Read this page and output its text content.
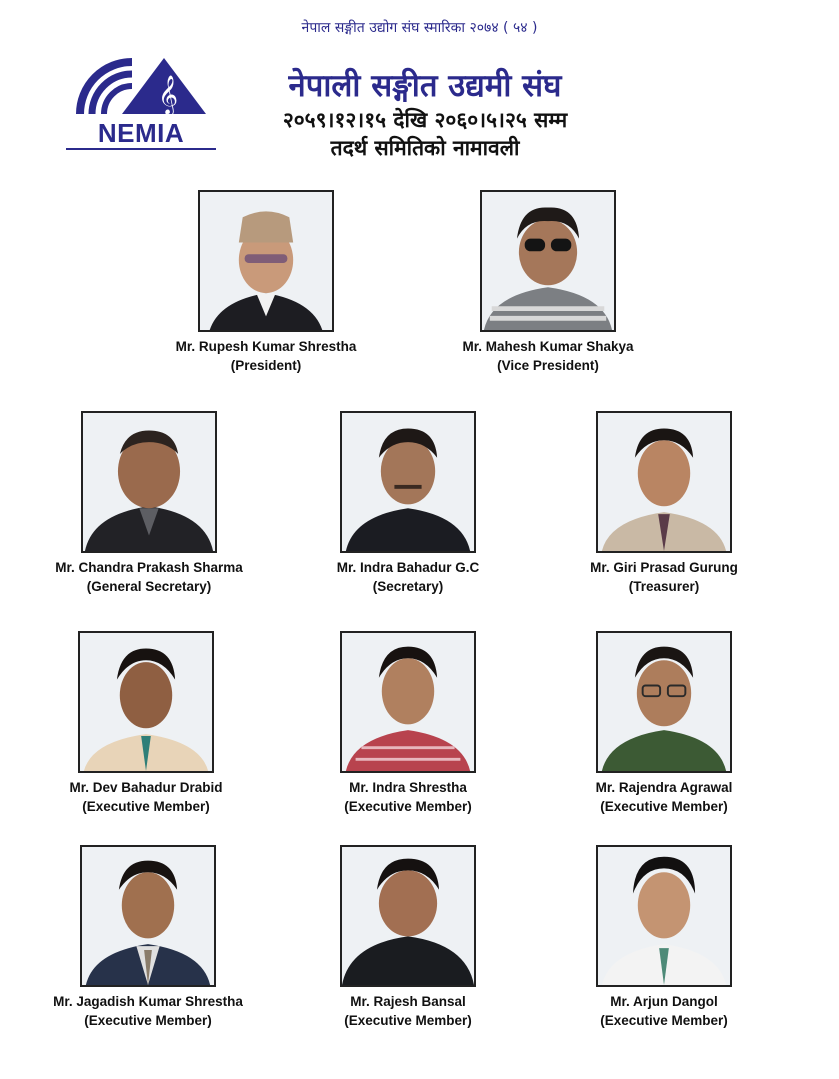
नेपाल सङ्गीत उद्योग संघ स्मारिका २०७४ ( ५४ )
𝄞
NEMIA
नेपाली सङ्गीत उद्यमी संघ
२०५९।१२।१५ देखि २०६०।५।२५ सम्म
तदर्थ समितिको नामावली
Mr. Rupesh Kumar Shrestha
(President)
Mr. Mahesh Kumar Shakya
(Vice President)
Mr. Chandra Prakash Sharma
(General Secretary)
Mr. Indra Bahadur G.C
(Secretary)
Mr. Giri Prasad Gurung
(Treasurer)
Mr. Dev Bahadur Drabid
(Executive Member)
Mr. Indra Shrestha
(Executive Member)
Mr. Rajendra Agrawal
(Executive Member)
Mr. Jagadish Kumar Shrestha
(Executive Member)
Mr. Rajesh Bansal
(Executive Member)
Mr. Arjun Dangol
(Executive Member)
